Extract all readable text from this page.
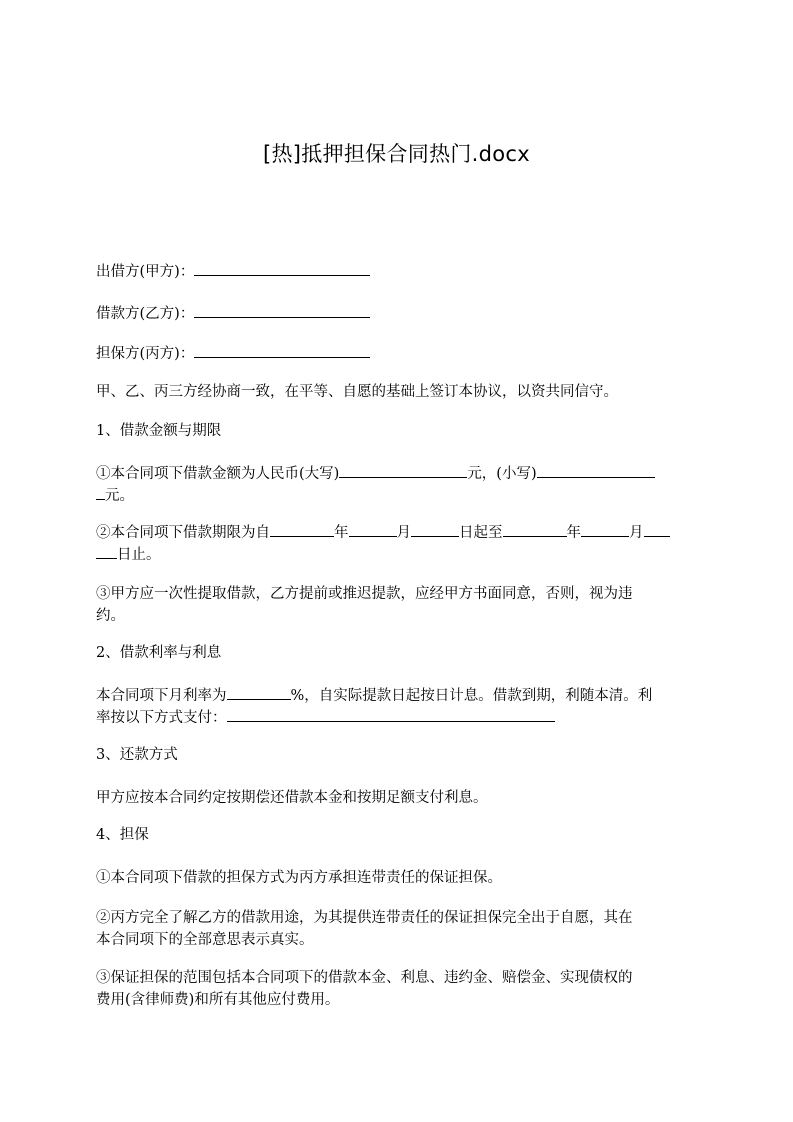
[热]抵押担保合同热门.docx
出借方(甲方)：
借款方(乙方)：
担保方(丙方)：
甲、乙、丙三方经协商一致，在平等、自愿的基础上签订本协议，以资共同信守。
1、借款金额与期限
①本合同项下借款金额为人民币(大写)	元，(小写)
元。
②本合同项下借款期限为自	年	月	日起至	年	月
日止。
③甲方应一次性提取借款，乙方提前或推迟提款，应经甲方书面同意，否则，视为违
约。
2、借款利率与利息
本合同项下月利率为	%，自实际提款日起按日计息。借款到期，利随本清。利
率按以下方式支付：
3、还款方式
甲方应按本合同约定按期偿还借款本金和按期足额支付利息。
4、担保
①本合同项下借款的担保方式为丙方承担连带责任的保证担保。
②丙方完全了解乙方的借款用途，为其提供连带责任的保证担保完全出于自愿，其在
本合同项下的全部意思表示真实。
③保证担保的范围包括本合同项下的借款本金、利息、违约金、赔偿金、实现债权的
费用(含律师费)和所有其他应付费用。
